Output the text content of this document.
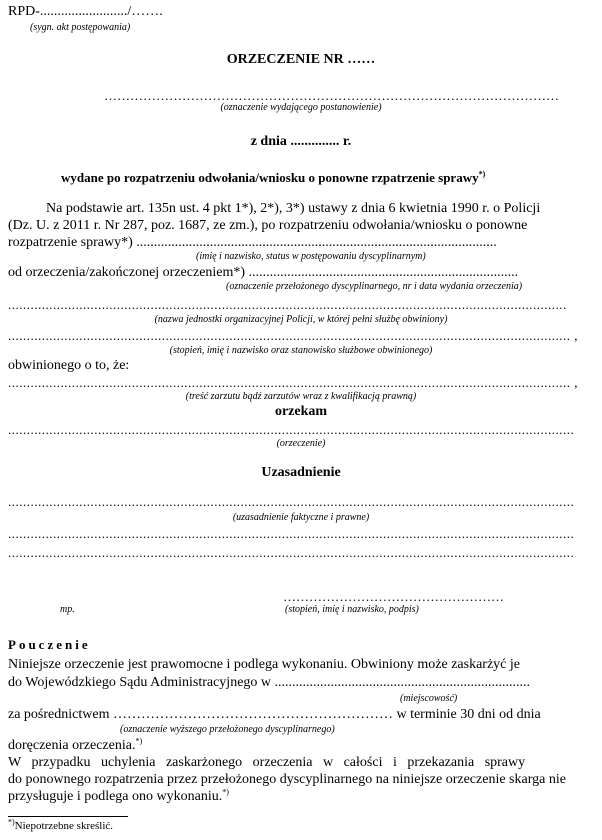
RPD-........................./…….
(sygn. akt postępowania)
ORZECZENIE NR ……
……………………………………………………………………………………………
(oznaczenie wydającego postanowienie)
z dnia .............. r.
wydane po rozpatrzeniu odwołania/wniosku o ponowne rzpatrzenie sprawy*)
Na podstawie art. 135n ust. 4 pkt 1*), 2*), 3*) ustawy z dnia 6 kwietnia 1990 r. o Policji
(Dz. U. z 2011 r. Nr 287, poz. 1687, ze zm.), po rozpatrzeniu odwołania/wniosku o ponowne
rozpatrzenie sprawy*) .......................................................................................................
(imię i nazwisko, status w postępowaniu dyscyplinarnym)
od orzeczenia/zakończonej orzeczeniem*) .............................................................................
(oznaczenie przełożonego dyscyplinarnego, nr i data wydania orzeczenia)
.....................................................................................................................................................
(nazwa jednostki organizacyjnej Policji, w której pełni służbę obwiniony)
...................................................................................................................................................... ,
(stopień, imię i nazwisko oraz stanowisko służbowe obwinionego)
obwinionego o to, że:
...................................................................................................................................................... ,
(treść zarzutu bądź zarzutów wraz z kwalifikacją prawną)
orzekam
.......................................................................................................................................................
(orzeczenie)
Uzasadnienie
.......................................................................................................................................................
(uzasadnienie faktyczne i prawne)
.......................................................................................................................................................
.......................................................................................................................................................
……………………………………………
mp.	(stopień, imię i nazwisko, podpis)
Pouczenie
Niniejsze orzeczenie jest prawomocne i podlega wykonaniu. Obwiniony może zaskarżyć je
do Wojewódzkiego Sądu Administracyjnego w .........................................................................
(miejscowość)
za pośrednictwem …………………………………………………… w terminie 30 dni od dnia
(oznaczenie wyższego przełożonego dyscyplinarnego)
doręczenia orzeczenia.*)
W przypadku uchylenia zaskarżonego orzeczenia w całości i przekazania sprawy
do ponownego rozpatrzenia przez przełożonego dyscyplinarnego na niniejsze orzeczenie skarga nie
przysługuje i podlega ono wykonaniu.*)
*)Niepotrzebne skreślić.
